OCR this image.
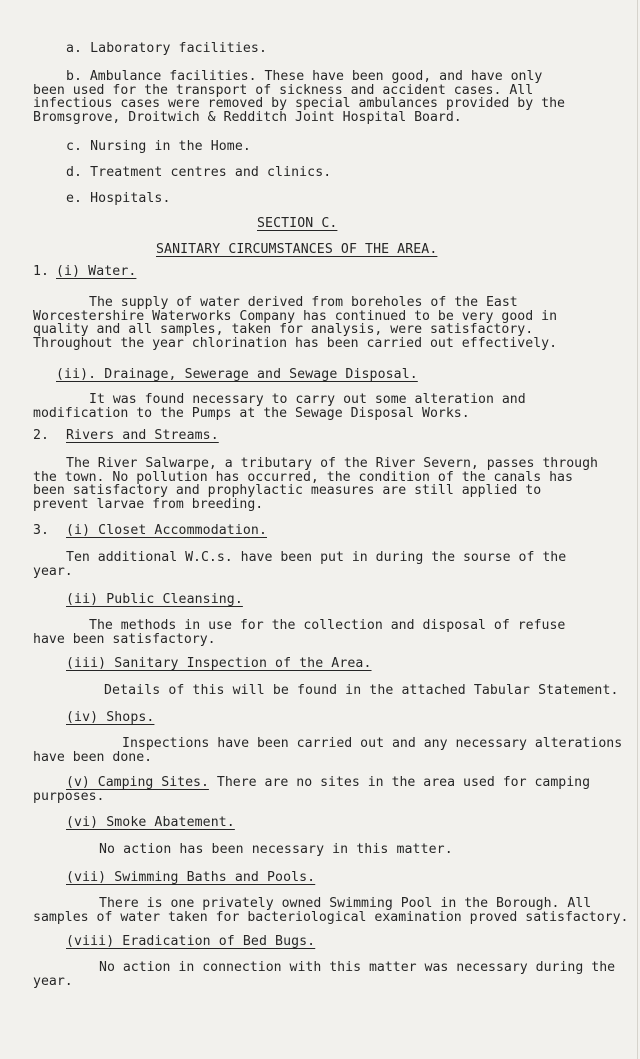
a. Laboratory facilities.

b. Ambulance facilities. These have been good, and have only
been used for the transport of sickness and accident cases. All
infectious cases were removed by special ambulances provided by the
Bromsgrove, Droitwich & Redditch Joint Hospital Board.

c. Nursing in the Home.

d. Treatment centres and clinics.

e. Hospitals.

SECTION C.

SANITARY CIRCUMSTANCES OF THE AREA.

1. (i) Water.

The supply of water derived from boreholes of the East
Worcestershire Waterworks Company has continued to be very good in
quality and all samples, taken for analysis, were satisfactory.
Throughout the year chlorination has been carried out effectively.

(ii). Drainage, Sewerage and Sewage Disposal.

It was found necessary to carry out some alteration and
modification to the Pumps at the Sewage Disposal Works.

2. Rivers and Streams.

The River Salwarpe, a tributary of the River Severn, passes through
the town. No pollution has occurred, the condition of the canals has
been satisfactory and prophylactic measures are still applied to
prevent larvae from breeding.

3. (i) Closet Accommodation.

Ten additional W.C.s. have been put in during the sourse of the
year.

(ii) Public Cleansing.

The methods in use for the collection and disposal of refuse
have been satisfactory.

(iii) Sanitary Inspection of the Area.

Details of this will be found in the attached Tabular Statement.

(iv) Shops.

Inspections have been carried out and any necessary alterations
have been done.
(v) Camping Sites. There are no sites in the area used for camping
purposes.

(vi) Smoke Abatement.

No action has been necessary in this matter.

(vii) Swimming Baths and Pools.

There is one privately owned Swimming Pool in the Borough. All
samples of water taken for bacteriological examination proved satisfactory.

(viii) Eradication of Bed Bugs.

No action in connection with this matter was necessary during the
year.
